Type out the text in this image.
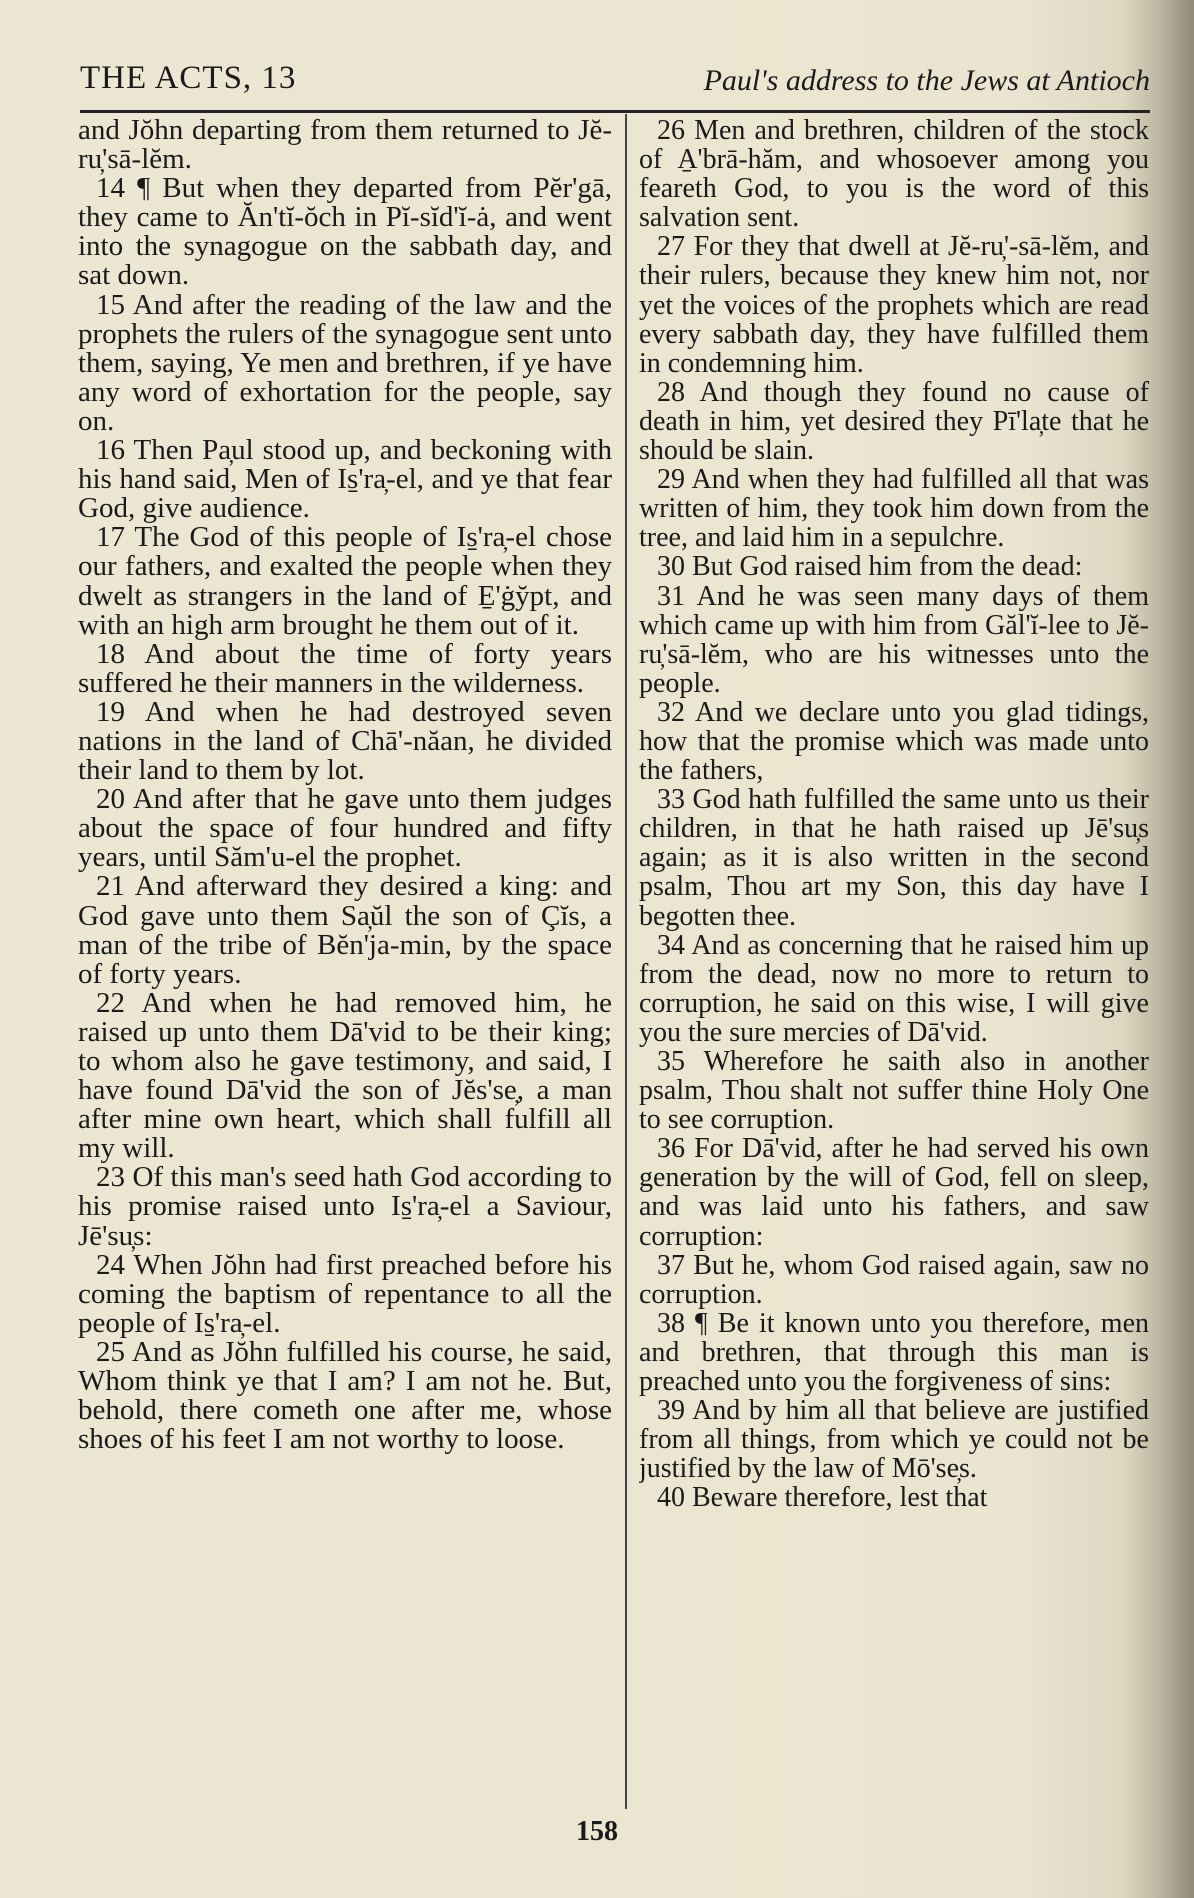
THE ACTS, 13	Paul's address to the Jews at Antioch

and Jŏhn departing from them returned to Jĕ-ru̦'sā-lĕm.

14 ¶ But when they departed from Pĕr'gā, they came to Ăn'tĭ-ŏch in Pĭ-sĭd'ĭ-ȧ, and went into the synagogue on the sabbath day, and sat down.

15 And after the reading of the law and the prophets the rulers of the synagogue sent unto them, saying, Ye men and brethren, if ye have any word of exhortation for the people, say on.

16 Then Pa̦ul stood up, and beckoning with his hand said, Men of Is̱'ra̦-el, and ye that fear God, give audience.

17 The God of this people of Is̱'ra̦-el chose our fathers, and exalted the people when they dwelt as strangers in the land of E̱'ġy̆pt, and with an high arm brought he them out of it.

18 And about the time of forty years suffered he their manners in the wilderness.

19 And when he had destroyed seven nations in the land of Chā'-năan, he divided their land to them by lot.

20 And after that he gave unto them judges about the space of four hundred and fifty years, until Săm'u-el the prophet.

21 And afterward they desired a king: and God gave unto them Sa̦ŭl the son of Çĭs, a man of the tribe of Bĕn'ja-min, by the space of forty years.

22 And when he had removed him, he raised up unto them Dā'vid to be their king; to whom also he gave testimony, and said, I have found Dā'vid the son of Jĕs'se̦, a man after mine own heart, which shall fulfill all my will.

23 Of this man's seed hath God according to his promise raised unto Is̱'ra̦-el a Saviour, Jē'su̦s:

24 When Jŏhn had first preached before his coming the baptism of repentance to all the people of Is̱'ra̦-el.

25 And as Jŏhn fulfilled his course, he said, Whom think ye that I am? I am not he. But, behold, there cometh one after me, whose shoes of his feet I am not worthy to loose.

26 Men and brethren, children of the stock of A̱'brā-hăm, and whosoever among you feareth God, to you is the word of this salvation sent.

27 For they that dwell at Jĕ-ru̦'-sā-lĕm, and their rulers, because they knew him not, nor yet the voices of the prophets which are read every sabbath day, they have fulfilled them in condemning him.

28 And though they found no cause of death in him, yet desired they Pī'la̦te that he should be slain.

29 And when they had fulfilled all that was written of him, they took him down from the tree, and laid him in a sepulchre.

30 But God raised him from the dead:

31 And he was seen many days of them which came up with him from Găl'ĭ-lee to Jĕ-ru̦'sā-lĕm, who are his witnesses unto the people.

32 And we declare unto you glad tidings, how that the promise which was made unto the fathers,

33 God hath fulfilled the same unto us their children, in that he hath raised up Jē'su̦s again; as it is also written in the second psalm, Thou art my Son, this day have I begotten thee.

34 And as concerning that he raised him up from the dead, now no more to return to corruption, he said on this wise, I will give you the sure mercies of Dā'vid.

35 Wherefore he saith also in another psalm, Thou shalt not suffer thine Holy One to see corruption.

36 For Dā'vid, after he had served his own generation by the will of God, fell on sleep, and was laid unto his fathers, and saw corruption:

37 But he, whom God raised again, saw no corruption.

38 ¶ Be it known unto you therefore, men and brethren, that through this man is preached unto you the forgiveness of sins:

39 And by him all that believe are justified from all things, from which ye could not be justified by the law of Mō'se̦s.

40 Beware therefore, lest that

158
